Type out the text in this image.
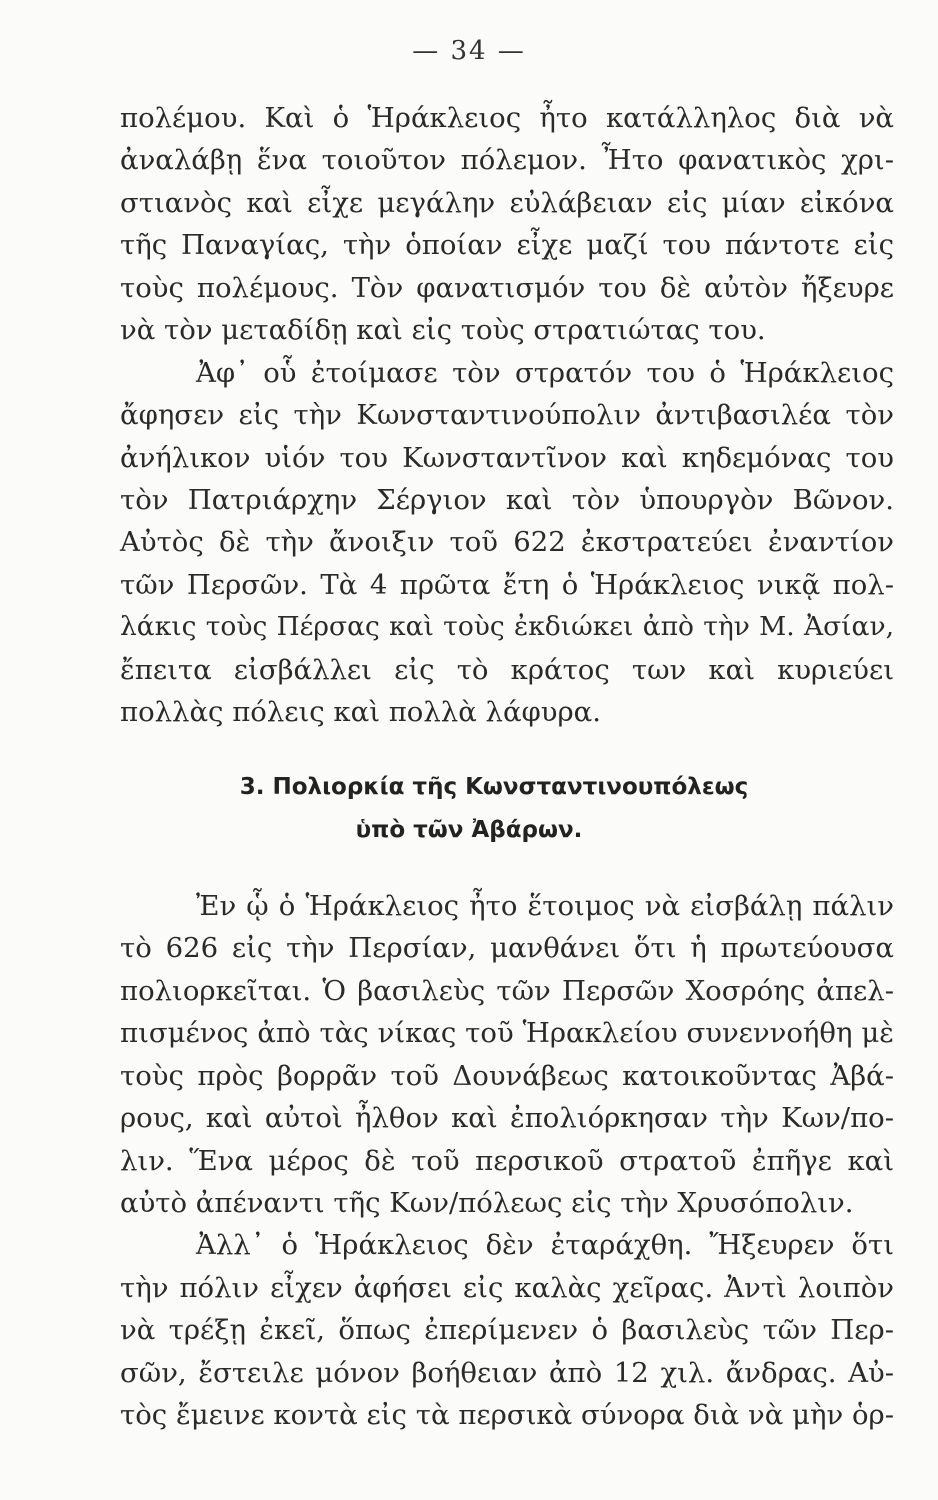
— 34 —
πολέμου. Καὶ ὁ Ἡράκλειος ἦτο κατάλληλος διὰ νὰ
ἀναλάβῃ ἕνα τοιοῦτον πόλεμον. Ἦτο φανατικὸς χρι-
στιανὸς καὶ εἶχε μεγάλην εὐλάβειαν εἰς μίαν εἰκόνα
τῆς Παναγίας, τὴν ὁποίαν εἶχε μαζί του πάντοτε εἰς
τοὺς πολέμους. Τὸν φανατισμόν του δὲ αὐτὸν ἤξευρε
νὰ τὸν μεταδίδῃ καὶ εἰς τοὺς στρατιώτας του.
Ἀφ᾽ οὗ ἐτοίμασε τὸν στρατόν του ὁ Ἡράκλειος
ἄφησεν εἰς τὴν Κωνσταντινούπολιν ἀντιβασιλέα τὸν
ἀνήλικον υἱόν του Κωνσταντῖνον καὶ κηδεμόνας του
τὸν Πατριάρχην Σέργιον καὶ τὸν ὑπουργὸν Βῶνον.
Αὐτὸς δὲ τὴν ἄνοιξιν τοῦ 622 ἐκστρατεύει ἐναντίον
τῶν Περσῶν. Τὰ 4 πρῶτα ἔτη ὁ Ἡράκλειος νικᾷ πολ-
λάκις τοὺς Πέρσας καὶ τοὺς ἐκδιώκει ἀπὸ τὴν Μ. Ἀσίαν,
ἔπειτα εἰσβάλλει εἰς τὸ κράτος των καὶ κυριεύει
πολλὰς πόλεις καὶ πολλὰ λάφυρα.
3. Πολιορκία τῆς Κωνσταντινουπόλεως
ὑπὸ τῶν Ἀβάρων.
Ἐν ᾧ ὁ Ἡράκλειος ἦτο ἕτοιμος νὰ εἰσβάλῃ πάλιν
τὸ 626 εἰς τὴν Περσίαν, μανθάνει ὅτι ἡ πρωτεύουσα
πολιορκεῖται. Ὁ βασιλεὺς τῶν Περσῶν Χοσρόης ἀπελ-
πισμένος ἀπὸ τὰς νίκας τοῦ Ἡρακλείου συνεννοήθη μὲ
τοὺς πρὸς βορρᾶν τοῦ Δουνάβεως κατοικοῦντας Ἀβά-
ρους, καὶ αὐτοὶ ἦλθον καὶ ἐπολιόρκησαν τὴν Κων/πο-
λιν. Ἕνα μέρος δὲ τοῦ περσικοῦ στρατοῦ ἐπῆγε καὶ
αὐτὸ ἀπέναντι τῆς Κων/πόλεως εἰς τὴν Χρυσόπολιν.
Ἀλλ᾽ ὁ Ἡράκλειος δὲν ἐταράχθη. Ἤξευρεν ὅτι
τὴν πόλιν εἶχεν ἀφήσει εἰς καλὰς χεῖρας. Ἀντὶ λοιπὸν
νὰ τρέξῃ ἐκεῖ, ὅπως ἐπερίμενεν ὁ βασιλεὺς τῶν Περ-
σῶν, ἔστειλε μόνον βοήθειαν ἀπὸ 12 χιλ. ἄνδρας. Αὐ-
τὸς ἔμεινε κοντὰ εἰς τὰ περσικὰ σύνορα διὰ νὰ μὴν ὁρ-
